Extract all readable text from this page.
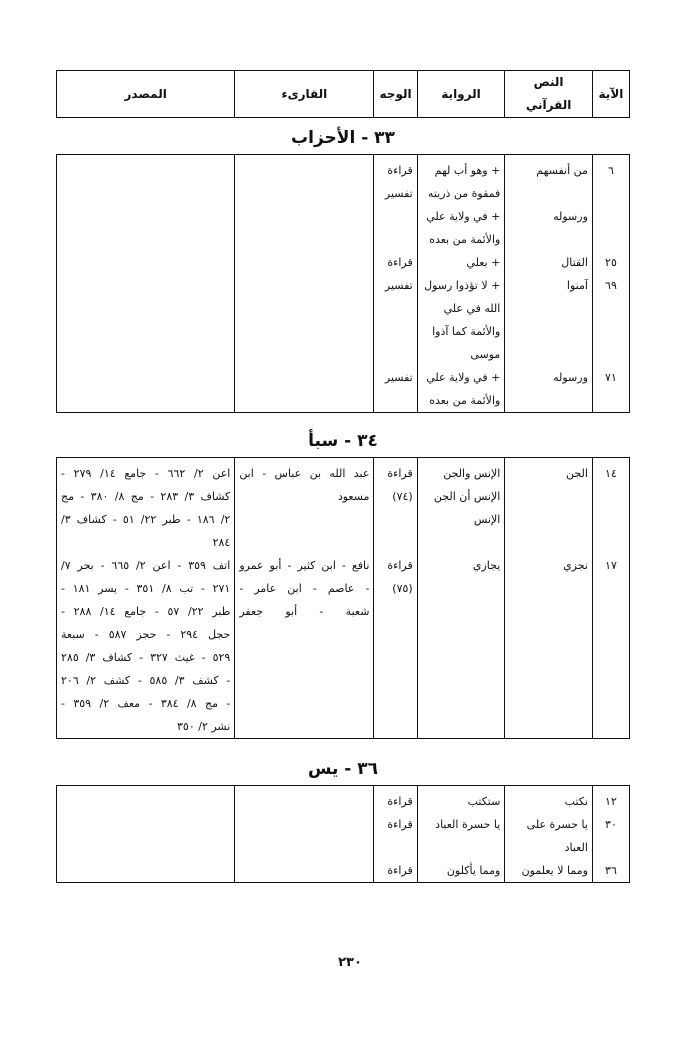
الآية	النص القرآني	الرواية	الوجه	القارىء	المصدر
٣٣ - الأحزاب
٦	من أنفسهم	+ وهو أب لهم	قراءة		
		فمقوة من ذريته	تفسير		
	ورسوله	+ في ولاية علي			
		والأئمة من بعده			
٢٥	القتال	+ بعلي	قراءة		
٦٩	آمنوا	+ لا تؤذوا رسول	تفسير		
		الله في علي			
		والأئمة كما آذوا			
		موسى			
٧١	ورسوله	+ في ولاية علي	تفسير		
		والأئمة من بعده			
٣٤ - سبأ
١٤	الجن	الإنس والجن	قراءة	عبد الله بن عباس - ابن	اعن ٢/ ٦٦٢ - جامع ١٤/ ٢٧٩ -
		الإنس أن الجن	(٧٤)	مسعود	كشاف ٣/ ٢٨٣ - مج ٨/ ٣٨٠ - مج
		الإنس			٢/ ١٨٦ - طبر ٢٢/ ٥١ - كشاف ٣/
					٢٨٤
١٧	نجزي	يجازي	قراءة	نافع - ابن كثير - أبو عمرو	اتف ٣٥٩ - اعن ٢/ ٦٦٥ - بحر ٧/
			(٧٥)	- عاصم - ابن عامر -	٢٧١ - تب ٨/ ٣٥١ - يسر ١٨١ -
				شعبة - أبو جعفر	طبر ٢٢/ ٥٧ - جامع ١٤/ ٢٨٨ -
					حجل ٢٩٤ - حجز ٥٨٧ - سبعة
					٥٢٩ - غيث ٣٢٧ - كشاف ٣/ ٢٨٥
					- كشف ٣/ ٥٨٥ - كشف ٢/ ٢٠٦
					- مج ٨/ ٣٨٤ - معف ٢/ ٣٥٩ -
					نشر ٢/ ٣٥٠
٣٦ - يس
١٢	نكتب	ستكتب	قراءة		
٣٠	يا حسرة على العباد	يا حسرة العباد	قراءة		
٣٦	ومما لا يعلمون	ومما يأكلون	قراءة		
٢٣٠
